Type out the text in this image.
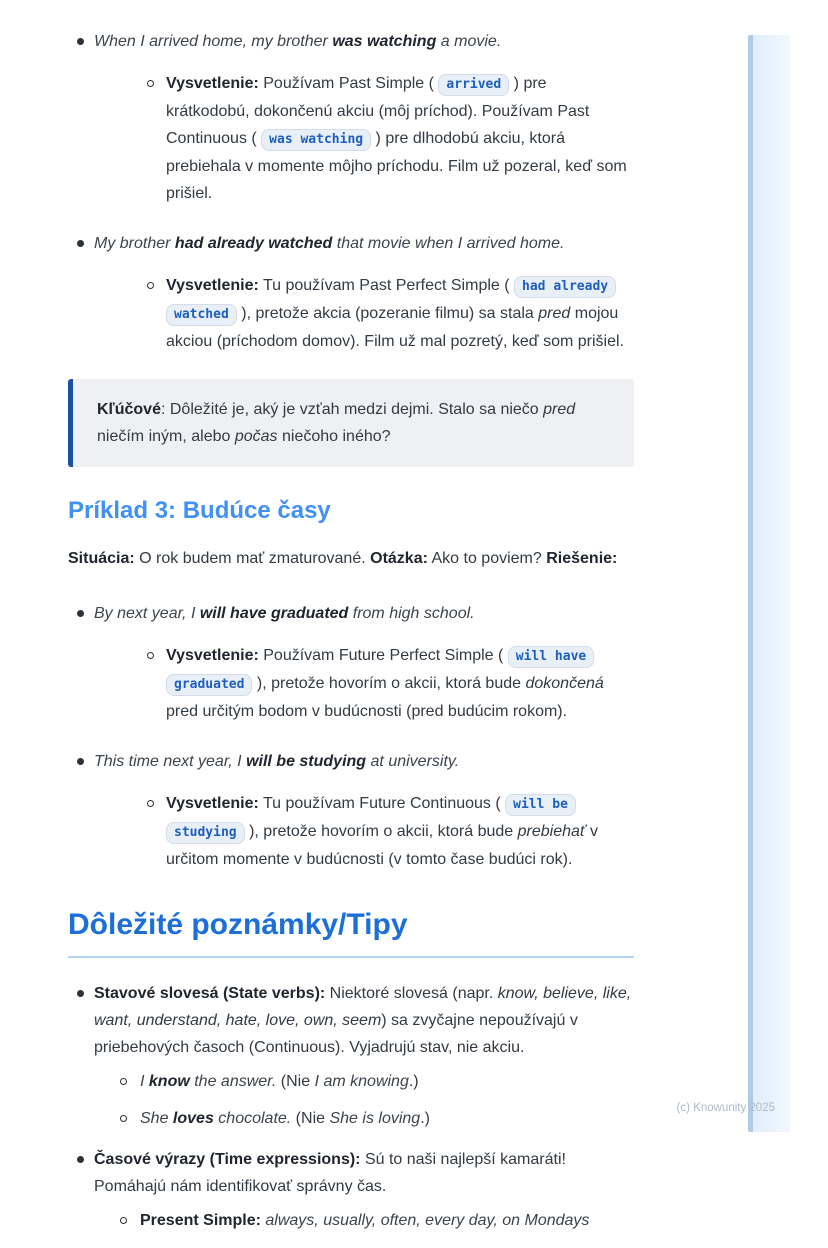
When I arrived home, my brother was watching a movie.
Vysvetlenie: Používam Past Simple ( arrived ) pre krátkodobú, dokončenú akciu (môj príchod). Používam Past Continuous ( was watching ) pre dlhodobú akciu, ktorá prebiehala v momente môjho príchodu. Film už pozeral, keď som prišiel.
My brother had already watched that movie when I arrived home.
Vysvetlenie: Tu používam Past Perfect Simple ( had already watched ), pretože akcia (pozeranie filmu) sa stala pred mojou akciou (príchodom domov). Film už mal pozretý, keď som prišiel.
Kľúčové: Dôležité je, aký je vzťah medzi dejmi. Stalo sa niečo pred niečím iným, alebo počas niečoho iného?
Príklad 3: Budúce časy

Situácia: O rok budem mať zmaturované. Otázka: Ako to poviem? Riešenie:

By next year, I will have graduated from high school.
Vysvetlenie: Používam Future Perfect Simple ( will have graduated ), pretože hovorím o akcii, ktorá bude dokončená pred určitým bodom v budúcnosti (pred budúcim rokom).
This time next year, I will be studying at university.
Vysvetlenie: Tu používam Future Continuous ( will be studying ), pretože hovorím o akcii, ktorá bude prebiehať v určitom momente v budúcnosti (v tomto čase budúci rok).
Dôležité poznámky/Tipy
Stavové slovesá (State verbs): Niektoré slovesá (napr. know, believe, like, want, understand, hate, love, own, seem) sa zvyčajne nepoužívajú v priebehových časoch (Continuous). Vyjadrujú stav, nie akciu.
I know the answer. (Nie I am knowing.)
She loves chocolate. (Nie She is loving.)
Časové výrazy (Time expressions): Sú to naši najlepší kamaráti! Pomáhajú nám identifikovať správny čas.
Present Simple: always, usually, often, every day, on Mondays
(c) Knowunity 2025
